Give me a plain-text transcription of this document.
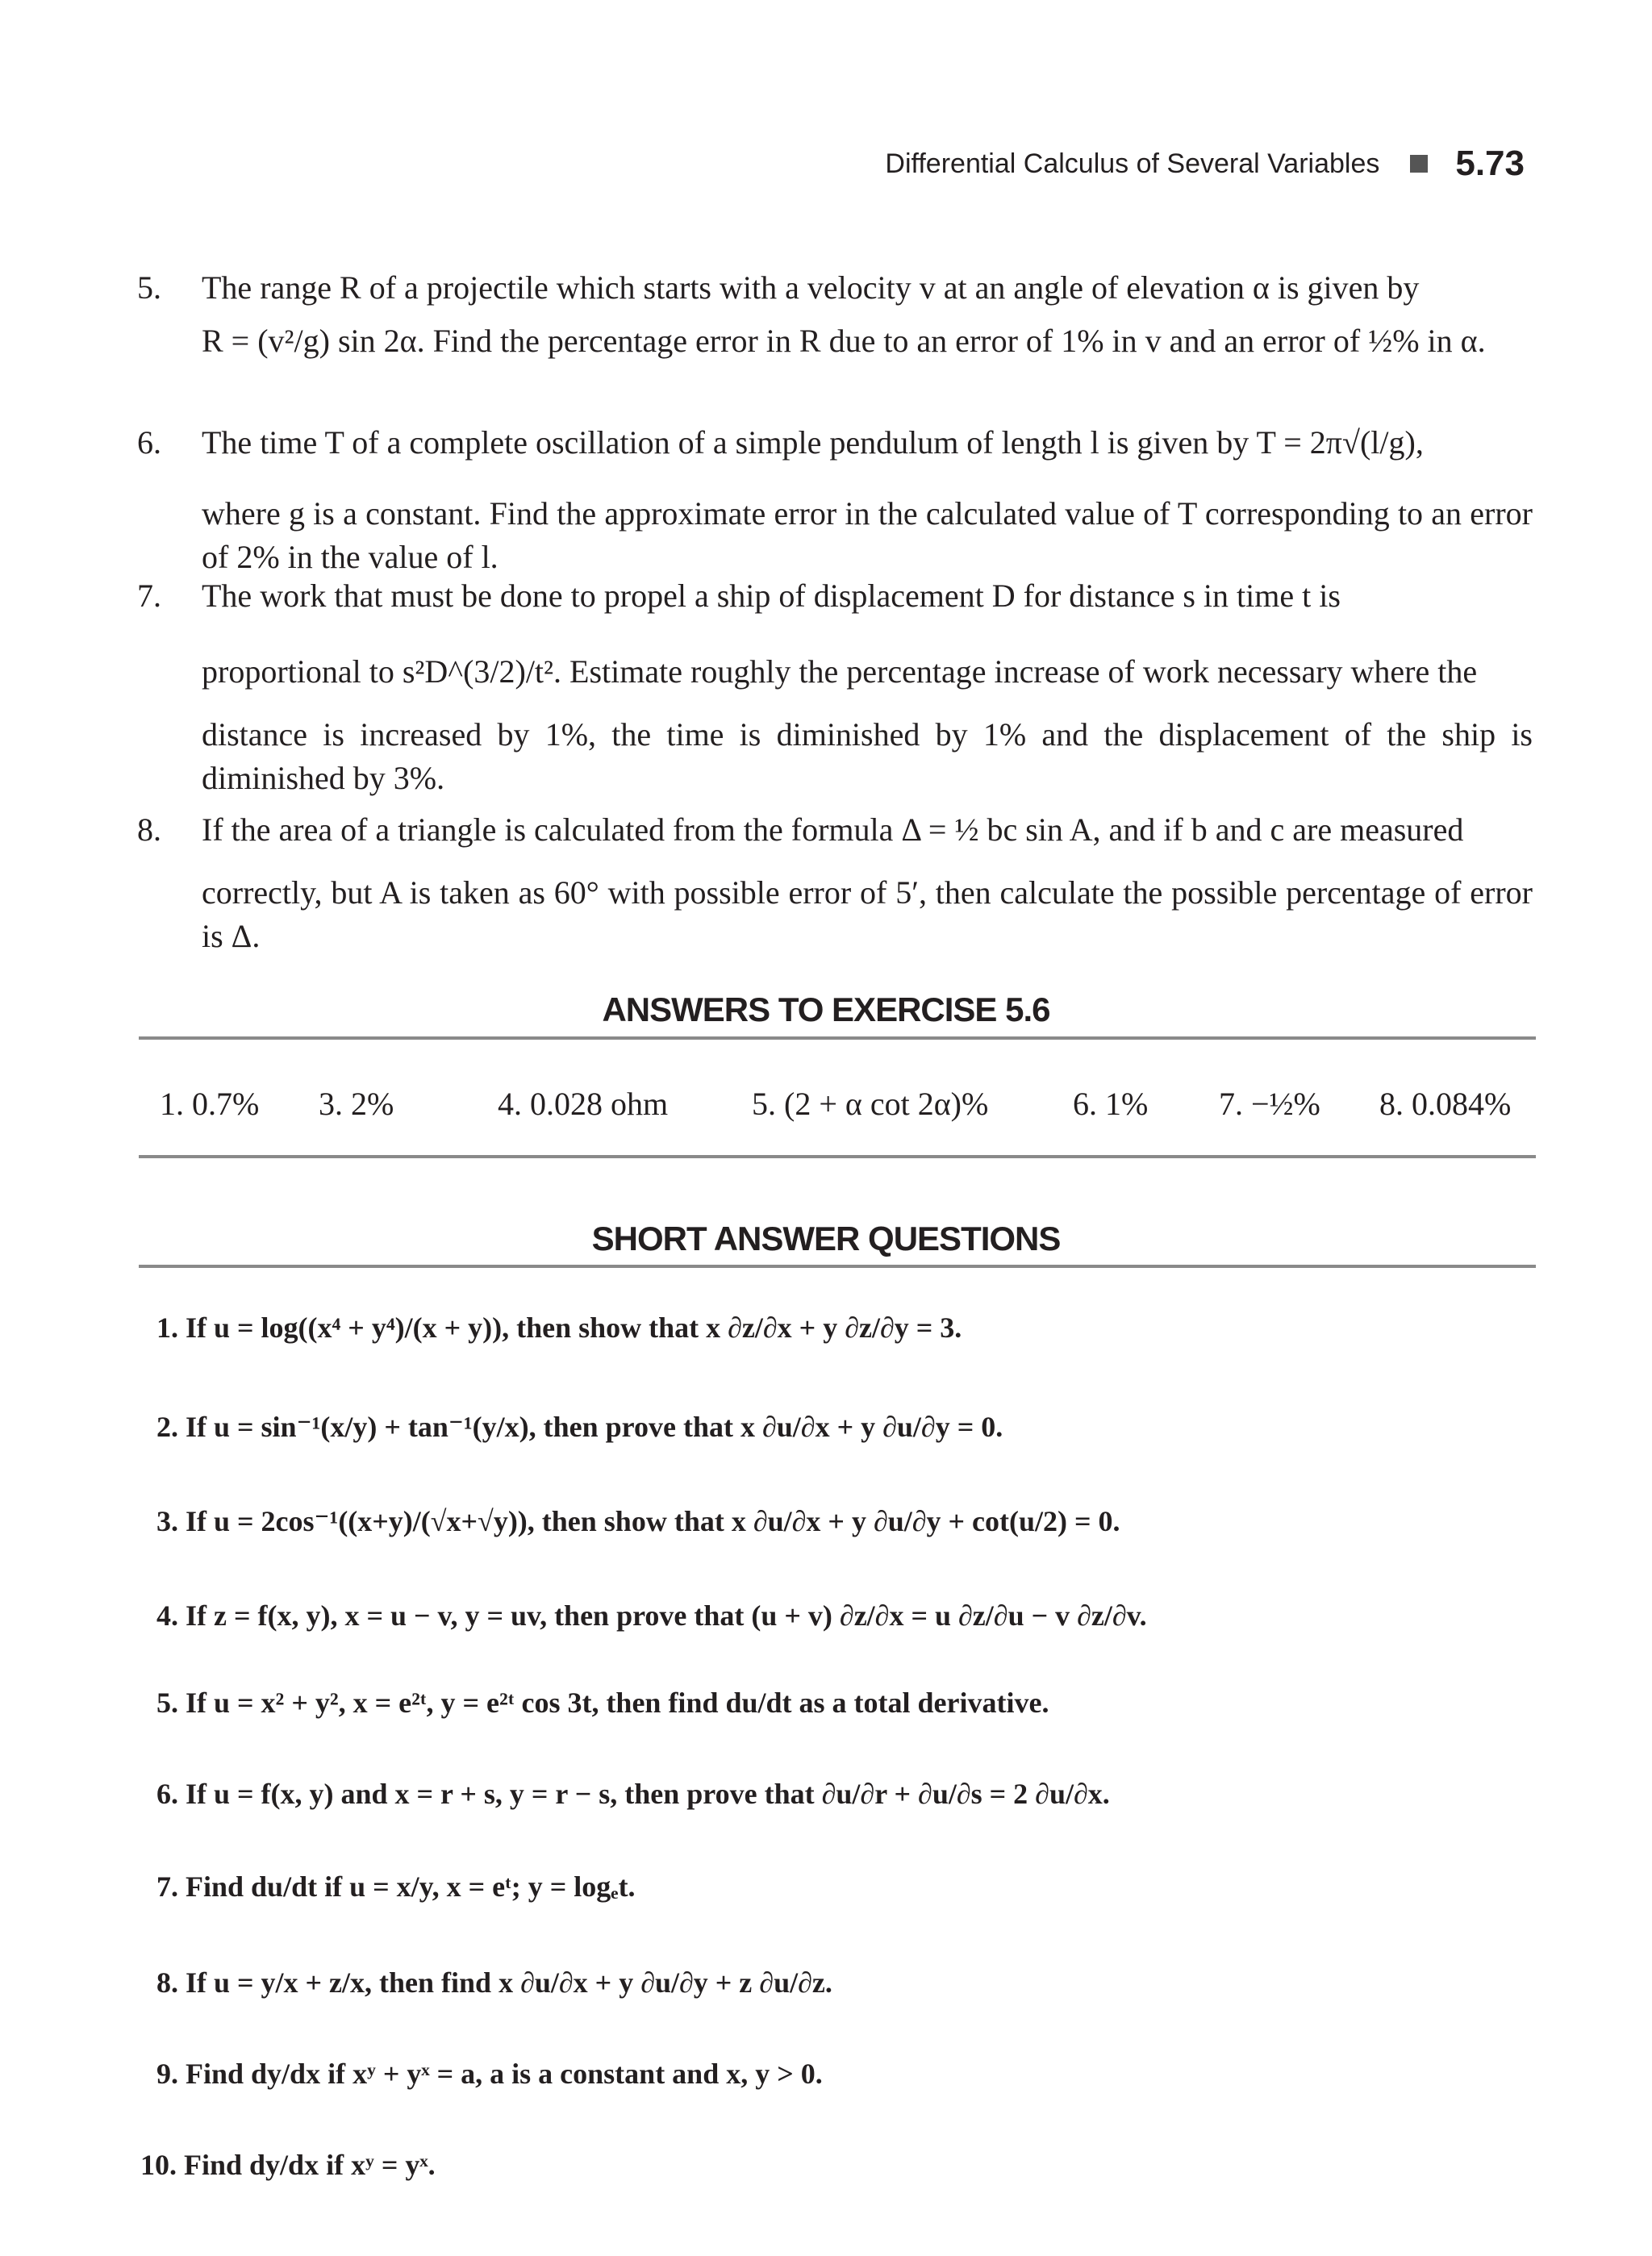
Differential Calculus of Several Variables 5.73
5. The range R of a projectile which starts with a velocity v at an angle of elevation α is given by
R = (v²/g) sin 2α. Find the percentage error in R due to an error of 1% in v and an error of ½% in α.
6. The time T of a complete oscillation of a simple pendulum of length l is given by T = 2π√(l/g),
where g is a constant. Find the approximate error in the calculated value of T corresponding to an error of 2% in the value of l.
7. The work that must be done to propel a ship of displacement D for distance s in time t is
proportional to s²D^(3/2)/t². Estimate roughly the percentage increase of work necessary where the
distance is increased by 1%, the time is diminished by 1% and the displacement of the ship is diminished by 3%.
8. If the area of a triangle is calculated from the formula Δ = ½ bc sin A, and if b and c are measured
correctly, but A is taken as 60° with possible error of 5′, then calculate the possible percentage of error is Δ.
ANSWERS TO EXERCISE 5.6
1. 0.7% 3. 2%	4. 0.028 ohm	5. (2 + α cot 2α)%	6. 1% 7. −½% 8. 0.084%
SHORT ANSWER QUESTIONS
1. If u = log((x⁴ + y⁴)/(x + y)), then show that x ∂z/∂x + y ∂z/∂y = 3.
2. If u = sin⁻¹(x/y) + tan⁻¹(y/x), then prove that x ∂u/∂x + y ∂u/∂y = 0.
3. If u = 2cos⁻¹((x+y)/(√x+√y)), then show that x ∂u/∂x + y ∂u/∂y + cot(u/2) = 0.
4. If z = f(x, y), x = u − v, y = uv, then prove that (u + v) ∂z/∂x = u ∂z/∂u − v ∂z/∂v.
5. If u = x² + y², x = e²ᵗ, y = e²ᵗ cos 3t, then find du/dt as a total derivative.
6. If u = f(x, y) and x = r + s, y = r − s, then prove that ∂u/∂r + ∂u/∂s = 2 ∂u/∂x.
7. Find du/dt if u = x/y, x = eᵗ; y = logₑt.
8. If u = y/x + z/x, then find x ∂u/∂x + y ∂u/∂y + z ∂u/∂z.
9. Find dy/dx if xʸ + yˣ = a, a is a constant and x, y > 0.
10. Find dy/dx if xʸ = yˣ.
